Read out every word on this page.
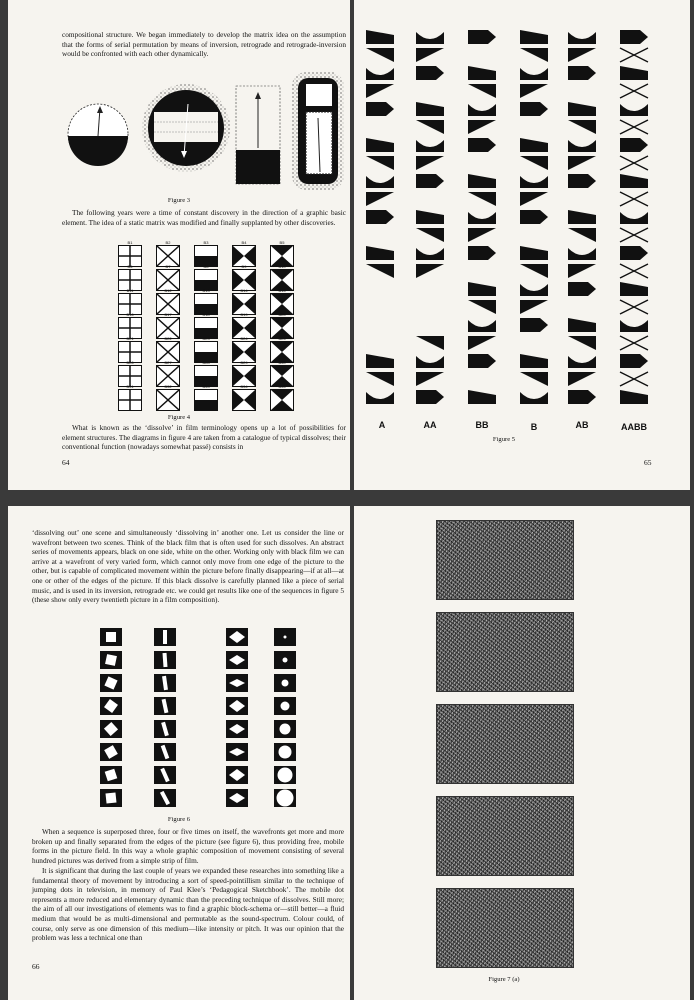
compositional structure. We began immediately to develop the matrix idea on the assumption that the forms of serial permutation by means of inversion, retrograde and retrograde-inversion would be confronted with each other dynamically.

Figure 3

The following years were a time of constant discovery in the direction of a graphic basic element. The idea of a static matrix was modified and finally supplanted by other discoveries.

B1	B2	B3	B4	B5
B6	B7	B8	B9	B10
B11	B12	B13	B14	B15
B16	B17	B18	B19	B20
B21	B22	B23	B24	B25
B26	B27	B28	B29	B30
B31	B32	B33	B34	B35
Figure 4

What is known as the ‘dissolve’ in film terminology opens up a lot of possibilities for element structures. The diagrams in figure 4 are taken from a catalogue of typical dissolves; their conventional function (nowadays somewhat passé) consists in

64
A	AA	BB	B	AB	AABB
Figure 5
65

‘dissolving out’ one scene and simultaneously ‘dissolving in’ another one. Let us consider the line or wavefront between two scenes. Think of the black film that is often used for such dissolves. An abstract series of movements appears, black on one side, white on the other. Working only with black film we can arrive at a wavefront of very varied form, which cannot only move from one edge of the picture to the other, but is capable of complicated movement within the picture before finally disappearing—if at all—at one or other of the edges of the picture. If this black dissolve is carefully planned like a piece of serial music, and is used in its inversion, retrograde etc. we could get results like one of the sequences in figure 5 (these show only every twentieth picture in a film composition).

Figure 6

When a sequence is superposed three, four or five times on itself, the wavefronts get more and more broken up and finally separated from the edges of the picture (see figure 6), thus providing free, mobile forms in the picture field. In this way a whole graphic composition of movement consisting of several hundred pictures was derived from a simple strip of film.

It is significant that during the last couple of years we expanded these researches into something like a fundamental theory of movement by introducing a sort of speed-pointillism similar to the technique of jumping dots in television, in memory of Paul Klee’s ‘Pedagogical Sketchbook’. The mobile dot represents a more reduced and elementary dynamic than the preceding technique of dissolves. Still more; the aim of all our investigations of elements was to find a graphic block-schema or—still better—a fluid medium that would be as multi-dimensional and permutable as the sound-spectrum. Colour could, of course, only serve as one dimension of this medium—like intensity or pitch. It was our opinion that the problem was less a technical one than

66
Figure 7 (a)
